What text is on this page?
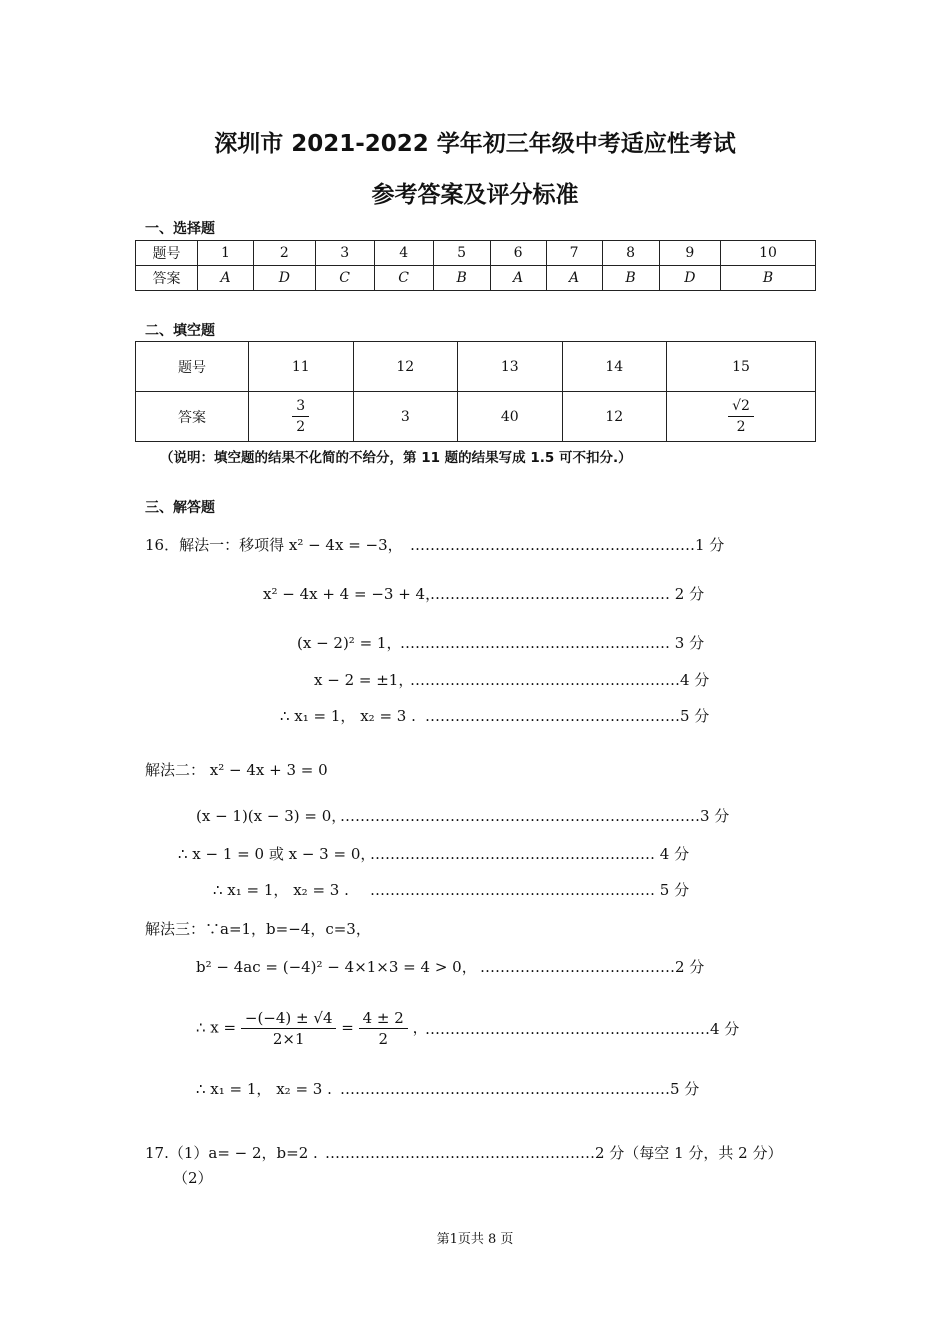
深圳市 2021-2022 学年初三年级中考适应性考试
参考答案及评分标准
一、选择题
题号	1	2	3	4	5	6	7	8	9	10
答案	A	D	C	C	B	A	A	B	D	B
二、填空题
题号	11	12	13	14	15
答案	$\frac{3}{2}$	3	40	12	$\frac{√2}{2}$
（说明：填空题的结果不化简的不给分，第 11 题的结果写成 1.5 可不扣分.）
三、解答题
16．解法一：移项得 x² − 4x = −3， …………………………………………………1 分
x² − 4x + 4 = −3 + 4，
………………………………………… 2 分
(x − 2)² = 1，
……………………………………………… 3 分
x − 2 = ±1，
………………………………………………4 分
∴ x₁ = 1， x₂ = 3 . ……………………………………………5 分
解法二： x² − 4x + 3 = 0
(x − 1)(x − 3) = 0，
………………………………………………………………3 分
∴ x − 1 = 0 或 x − 3 = 0，
………………………………………………… 4 分
∴ x₁ = 1， x₂ = 3 . ………………………………………………… 5 分
解法三：∵a=1，b=−4，c=3，
b² − 4ac = (−4)² − 4×1×3 = 4 > 0， …………………………………2 分
∴ $x = \frac{-(-4) \pm √4}{2\times 1} = \frac{4 \pm 2}{2}$ ，
…………………………………………………4 分
∴ x₁ = 1， x₂ = 3 . …………………………………………………………5 分
17.（1）a= − 2，b=2 . ………………………………………………2 分（每空 1 分，共 2 分）
（2）
第1页共 8 页
